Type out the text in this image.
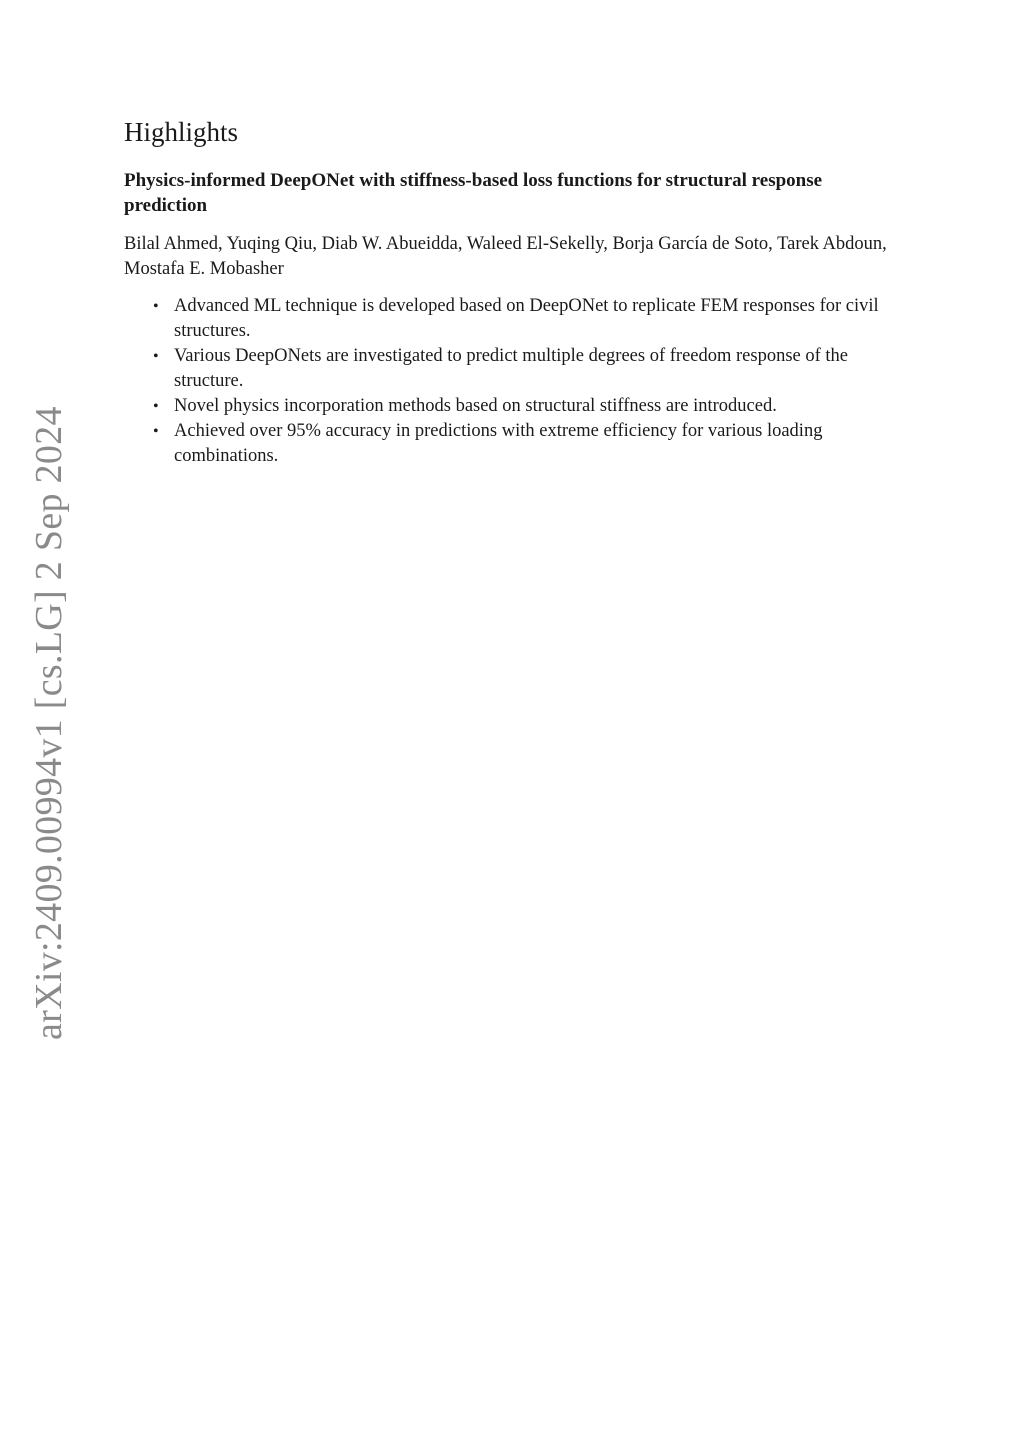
arXiv:2409.00994v1 [cs.LG] 2 Sep 2024
Highlights
Physics-informed DeepONet with stiffness-based loss functions for structural response prediction
Bilal Ahmed, Yuqing Qiu, Diab W. Abueidda, Waleed El-Sekelly, Borja García de Soto, Tarek Abdoun, Mostafa E. Mobasher
• Advanced ML technique is developed based on DeepONet to replicate FEM responses for civil structures.
• Various DeepONets are investigated to predict multiple degrees of freedom response of the structure.
• Novel physics incorporation methods based on structural stiffness are introduced.
• Achieved over 95% accuracy in predictions with extreme efficiency for various loading combinations.
